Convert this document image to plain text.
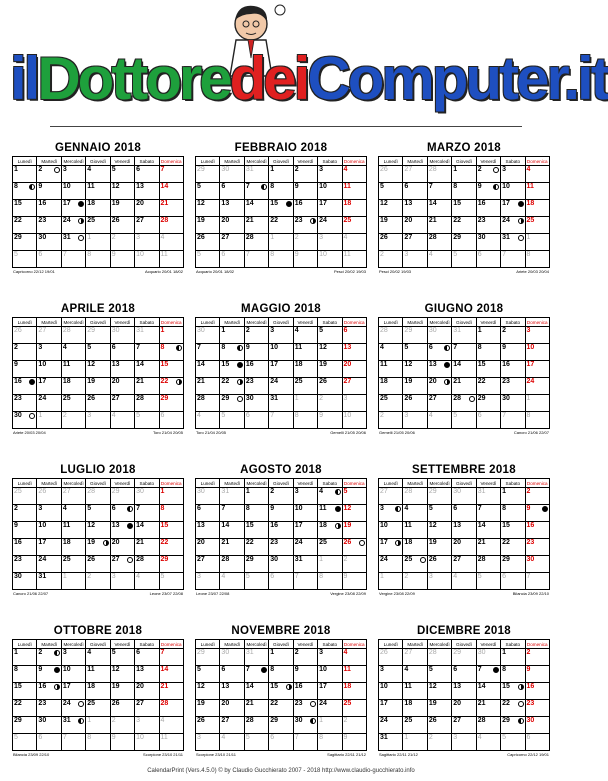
ilDottoredeiComputer.it
GENNAIO 2018
Lunedì	Martedì	Mercoledì	Giovedì	Venerdì	Sabato	Domenica

1	2	3	4	5	6	7

8	9	10	11	12	13	14

15	16	17	18	19	20	21

22	23	24	25	26	27	28

29	30	31	1	2	3	4

5	6	7	8	9	10	11
Capricorno 22/12 19/01	Acquario 20/01 18/02
FEBBRAIO 2018
Lunedì	Martedì	Mercoledì	Giovedì	Venerdì	Sabato	Domenica

29	30	31	1	2	3	4

5	6	7	8	9	10	11

12	13	14	15	16	17	18

19	20	21	22	23	24	25

26	27	28	1	2	3	4

5	6	7	8	9	10	11
Acquario 20/01 18/02	Pesci 20/02 19/03
MARZO 2018
Lunedì	Martedì	Mercoledì	Giovedì	Venerdì	Sabato	Domenica

26	27	28	1	2	3	4

5	6	7	8	9	10	11

12	13	14	15	16	17	18

19	20	21	22	23	24	25

26	27	28	29	30	31	1

2	3	4	5	6	7	8
Pesci 20/02 19/03	Ariete 20/03 20/04
APRILE 2018
Lunedì	Martedì	Mercoledì	Giovedì	Venerdì	Sabato	Domenica

26	27	28	29	30	31	1

2	3	4	5	6	7	8

9	10	11	12	13	14	15

16	17	18	19	20	21	22

23	24	25	26	27	28	29

30	1	2	3	4	5	6
Ariete 20/03 20/04	Toro 21/04 20/05
MAGGIO 2018
Lunedì	Martedì	Mercoledì	Giovedì	Venerdì	Sabato	Domenica

30	1	2	3	4	5	6

7	8	9	10	11	12	13

14	15	16	17	18	19	20

21	22	23	24	25	26	27

28	29	30	31	1	2	3

4	5	6	7	8	9	10
Toro 21/04 20/05	Gemelli 21/05 20/06
GIUGNO 2018
Lunedì	Martedì	Mercoledì	Giovedì	Venerdì	Sabato	Domenica

28	29	30	31	1	2	3

4	5	6	7	8	9	10

11	12	13	14	15	16	17

18	19	20	21	22	23	24

25	26	27	28	29	30	1

2	3	4	5	6	7	8
Gemelli 21/05 20/06	Cancro 21/06 22/07
LUGLIO 2018
Lunedì	Martedì	Mercoledì	Giovedì	Venerdì	Sabato	Domenica

25	26	27	28	29	30	1

2	3	4	5	6	7	8

9	10	11	12	13	14	15

16	17	18	19	20	21	22

23	24	25	26	27	28	29

30	31	1	2	3	4	5
Cancro 21/06 22/07	Leone 23/07 22/08
AGOSTO 2018
Lunedì	Martedì	Mercoledì	Giovedì	Venerdì	Sabato	Domenica

30	31	1	2	3	4	5

6	7	8	9	10	11	12

13	14	15	16	17	18	19

20	21	22	23	24	25	26

27	28	29	30	31	1	2

3	4	5	6	7	8	9
Leone 23/07 22/08	Vergine 23/08 22/09
SETTEMBRE 2018
Lunedì	Martedì	Mercoledì	Giovedì	Venerdì	Sabato	Domenica

27	28	29	30	31	1	2

3	4	5	6	7	8	9

10	11	12	13	14	15	16

17	18	19	20	21	22	23

24	25	26	27	28	29	30

1	2	3	4	5	6	7
Vergine 23/08 22/09	Bilancia 23/09 22/10
OTTOBRE 2018
Lunedì	Martedì	Mercoledì	Giovedì	Venerdì	Sabato	Domenica

1	2	3	4	5	6	7

8	9	10	11	12	13	14

15	16	17	18	19	20	21

22	23	24	25	26	27	28

29	30	31	1	2	3	4

5	6	7	8	9	10	11
Bilancia 23/09 22/10	Scorpione 23/10 21/11
NOVEMBRE 2018
Lunedì	Martedì	Mercoledì	Giovedì	Venerdì	Sabato	Domenica

29	30	31	1	2	3	4

5	6	7	8	9	10	11

12	13	14	15	16	17	18

19	20	21	22	23	24	25

26	27	28	29	30	1	2

3	4	5	6	7	8	9
Scorpione 23/10 21/11	Sagittario 22/11 21/12
DICEMBRE 2018
Lunedì	Martedì	Mercoledì	Giovedì	Venerdì	Sabato	Domenica

26	27	28	29	30	1	2

3	4	5	6	7	8	9

10	11	12	13	14	15	16

17	18	19	20	21	22	23

24	25	26	27	28	29	30

31	1	2	3	4	5	6
Sagittario 22/11 21/12	Capricorno 22/12 19/01
CalendarPrint (Vers.4.5.0) © by Claudio Gucchierato 2007 - 2018 http://www.claudio-gucchierato.info
